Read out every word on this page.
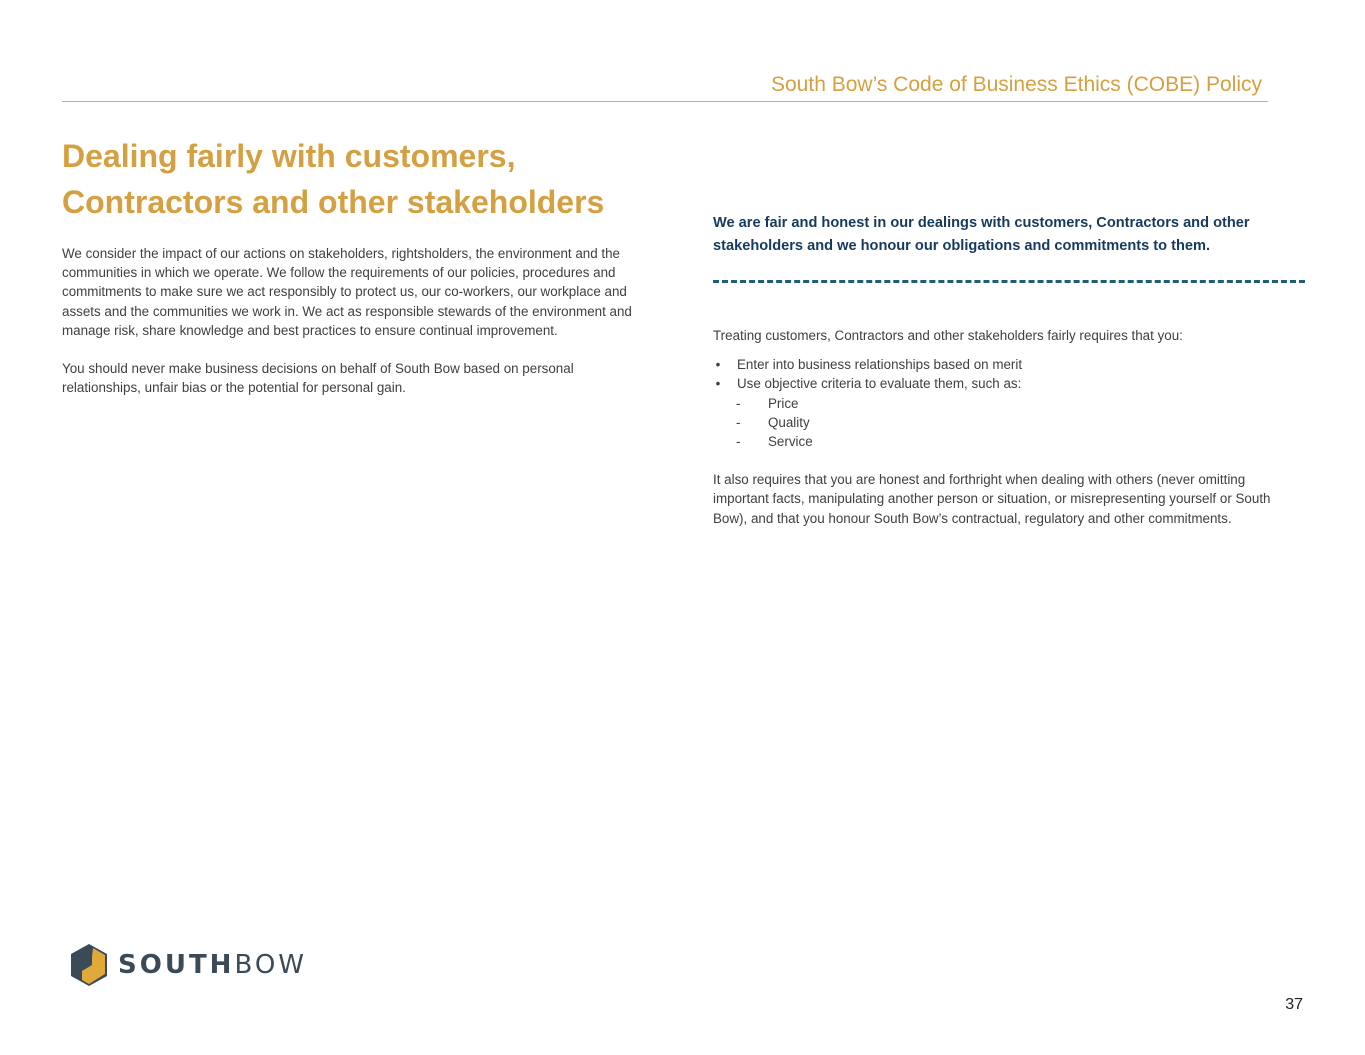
South Bow’s Code of Business Ethics (COBE) Policy
Dealing fairly with customers,
Contractors and other stakeholders

We consider the impact of our actions on stakeholders, rightsholders, the environment and the communities in which we operate. We follow the requirements of our policies, procedures and commitments to make sure we act responsibly to protect us, our co-workers, our workplace and assets and the communities we work in. We act as responsible stewards of the environment and manage risk, share knowledge and best practices to ensure continual improvement.

You should never make business decisions on behalf of South Bow based on personal relationships, unfair bias or the potential for personal gain.

We are fair and honest in our dealings with customers, Contractors and other stakeholders and we honour our obligations and commitments to them.

Treating customers, Contractors and other stakeholders fairly requires that you:

• Enter into business relationships based on merit
• Use objective criteria to evaluate them, such as:
- Price
- Quality
- Service

It also requires that you are honest and forthright when dealing with others (never omitting important facts, manipulating another person or situation, or misrepresenting yourself or South Bow), and that you honour South Bow’s contractual, regulatory and other commitments.

SOUTHBOW
37
